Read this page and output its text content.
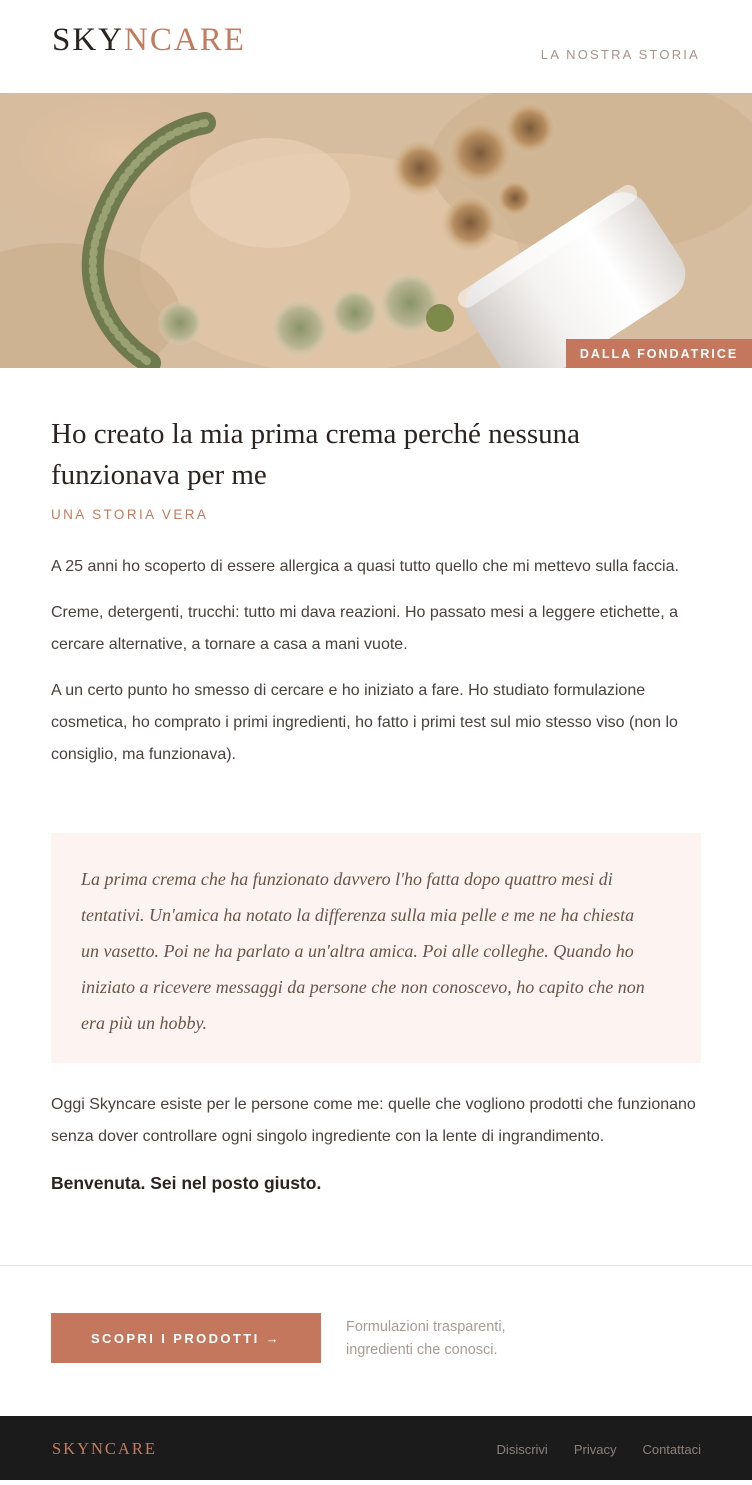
SKYNCARE	LA NOSTRA STORIA
DALLA FONDATRICE
Ho creato la mia prima crema perché nessuna funzionava per me
UNA STORIA VERA

A 25 anni ho scoperto di essere allergica a quasi tutto quello che mi mettevo sulla faccia.

Creme, detergenti, trucchi: tutto mi dava reazioni. Ho passato mesi a leggere etichette, a cercare alternative, a tornare a casa a mani vuote.

A un certo punto ho smesso di cercare e ho iniziato a fare. Ho studiato formulazione cosmetica, ho comprato i primi ingredienti, ho fatto i primi test sul mio stesso viso (non lo consiglio, ma funzionava).

La prima crema che ha funzionato davvero l'ho fatta dopo quattro mesi di tentativi. Un'amica ha notato la differenza sulla mia pelle e me ne ha chiesta un vasetto. Poi ne ha parlato a un'altra amica. Poi alle colleghe. Quando ho iniziato a ricevere messaggi da persone che non conoscevo, ho capito che non era più un hobby.

Oggi Skyncare esiste per le persone come me: quelle che vogliono prodotti che funzionano senza dover controllare ogni singolo ingrediente con la lente di ingrandimento.

Benvenuta. Sei nel posto giusto.

SCOPRI I PRODOTTI →
Formulazioni trasparenti, ingredienti che conosci.
SKYNCARE	Disiscrivi Privacy Contattaci
